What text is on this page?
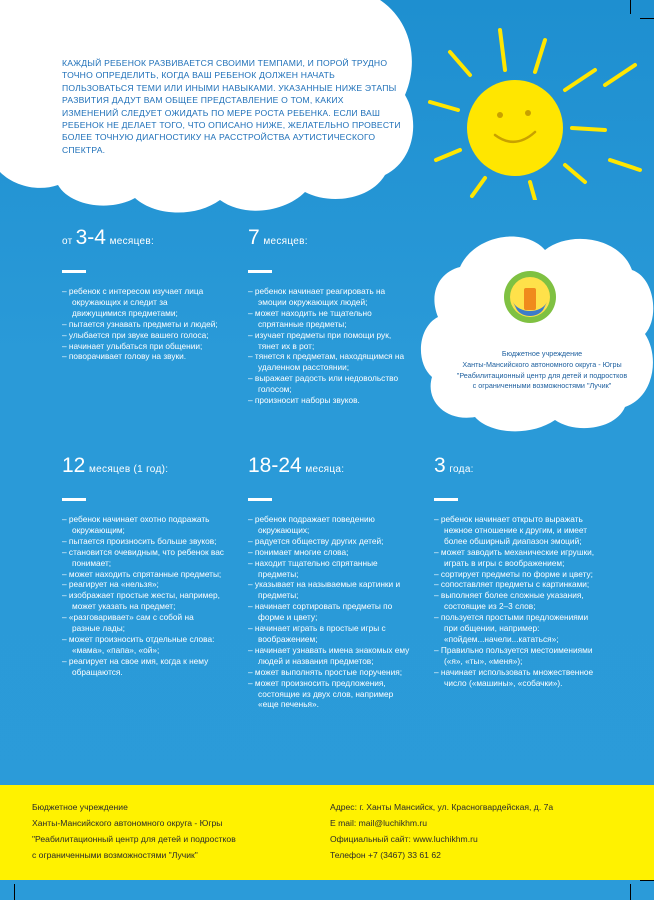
КАЖДЫЙ РЕБЕНОК РАЗВИВАЕТСЯ СВОИМИ ТЕМПАМИ, И ПОРОЙ ТРУДНО ТОЧНО ОПРЕДЕЛИТЬ, КОГДА ВАШ РЕБЕНОК ДОЛЖЕН НАЧАТЬ ПОЛЬЗОВАТЬСЯ ТЕМИ ИЛИ ИНЫМИ НАВЫКАМИ. УКАЗАННЫЕ НИЖЕ ЭТАПЫ РАЗВИТИЯ ДАДУТ ВАМ ОБЩЕЕ ПРЕДСТАВЛЕНИЕ О ТОМ, КАКИХ ИЗМЕНЕНИЙ СЛЕДУЕТ ОЖИДАТЬ ПО МЕРЕ РОСТА РЕБЕНКА. ЕСЛИ ВАШ РЕБЕНОК НЕ ДЕЛАЕТ ТОГО, ЧТО ОПИСАНО НИЖЕ, ЖЕЛАТЕЛЬНО ПРОВЕСТИ БОЛЕЕ ТОЧНУЮ ДИАГНОСТИКУ НА РАССТРОЙСТВА АУТИСТИЧЕСКОГО СПЕКТРА.

Бюджетное учреждение
Ханты-Мансийского автономного округа - Югры
"Реабилитационный центр для детей и подростков
с ограниченными возможностями "Лучик"

от 3-4 месяцев:
– ребенок с интересом изучает лица окружающих и следит за движущимися предметами;
– пытается узнавать предметы и людей;
– улыбается при звуке вашего голоса;
– начинает улыбаться при общении;
– поворачивает голову на звуки.
7 месяцев:
– ребенок начинает реагировать на эмоции окружающих людей;
– может находить не тщательно спрятанные предметы;
– изучает предметы при помощи рук, тянет их в рот;
– тянется к предметам, находящимся на удаленном расстоянии;
– выражает радость или недовольство голосом;
– произносит наборы звуков.
12 месяцев (1 год):
– ребенок начинает охотно подражать окружающим;
– пытается произносить больше звуков;
– становится очевидным, что ребенок вас понимает;
– может находить спрятанные предметы;
– реагирует на «нельзя»;
– изображает простые жесты, например, может указать на предмет;
– «разговаривает» сам с собой на разные лады;
– может произносить отдельные слова: «мама», «папа», «ой»;
– реагирует на свое имя, когда к нему обращаются.
18-24 месяца:
– ребенок подражает поведению окружающих;
– радуется обществу других детей;
– понимает многие слова;
– находит тщательно спрятанные предметы;
– указывает на называемые картинки и предметы;
– начинает сортировать предметы по форме и цвету;
– начинает играть в простые игры с воображением;
– начинает узнавать имена знакомых ему людей и названия предметов;
– может выполнять простые поручения;
– может произносить предложения, состоящие из двух слов, например «еще печенья».
3 года:
– ребенок начинает открыто выражать нежное отношение к другим, и имеет более обширный диапазон эмоций;
– может заводить механические игрушки, играть в игры с воображением;
– сортирует предметы по форме и цвету;
– сопоставляет предметы с картинками;
– выполняет более сложные указания, состоящие из 2–3 слов;
– пользуется простыми предложениями при общении, например: «пойдем...начели...кататься»;
– Правильно пользуется местоимениями («я», «ты», «меня»);
– начинает использовать множественное число («машины», «собачки»).
Бюджетное учреждение
Ханты-Мансийского автономного округа - Югры
"Реабилитационный центр для детей и подростков
с ограниченными возможностями "Лучик"
Адрес: г. Ханты Мансийск, ул. Красногвардейская, д. 7а
E mail: mail@luchikhm.ru
Официальный сайт: www.luchikhm.ru
Телефон +7 (3467) 33 61 62
